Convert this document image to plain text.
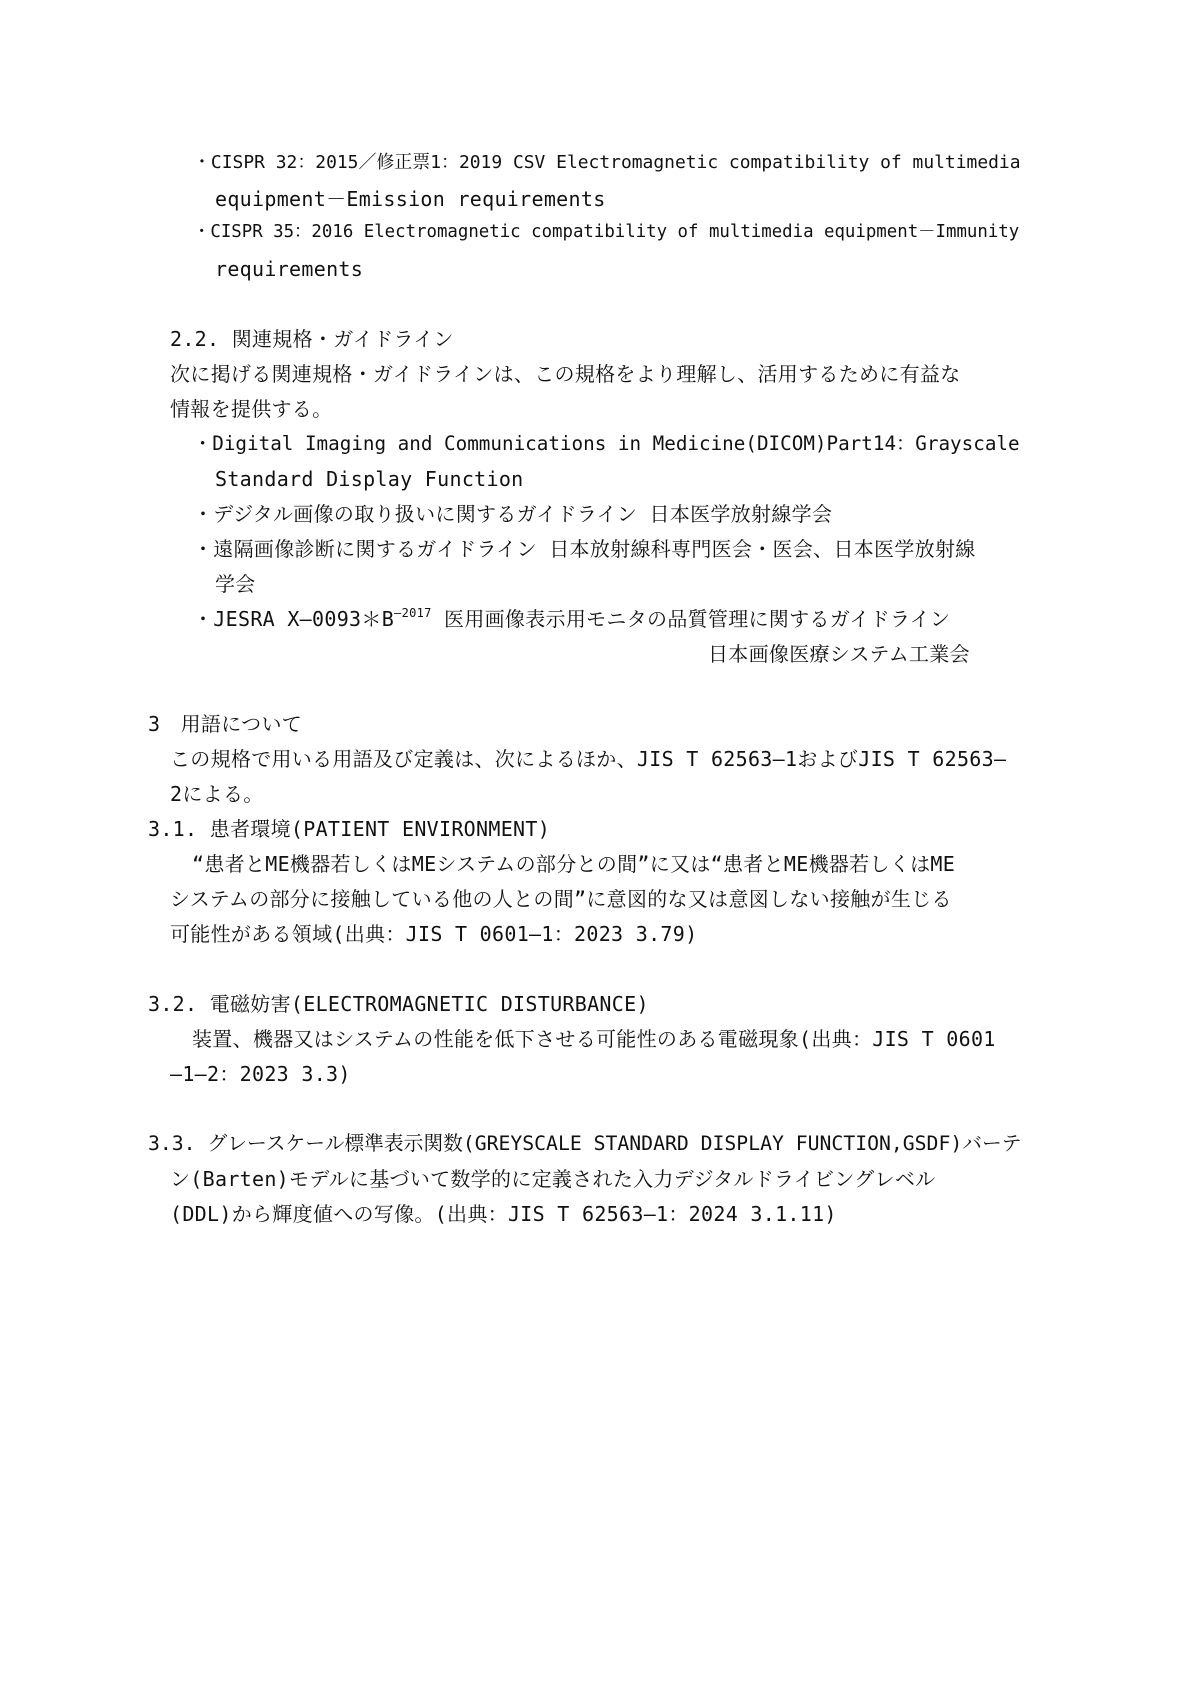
・CISPR 32：2015／修正票1：2019 CSV Electromagnetic compatibility of multimedia
equipment－Emission requirements
・CISPR 35：2016 Electromagnetic compatibility of multimedia equipment－Immunity
requirements
2.2. 関連規格・ガイドライン
次に掲げる関連規格・ガイドラインは、この規格をより理解し、活用するために有益な
情報を提供する。
・Digital Imaging and Communications in Medicine(DICOM)Part14：Grayscale
Standard Display Function
・デジタル画像の取り扱いに関するガイドライン 日本医学放射線学会
・遠隔画像診断に関するガイドライン 日本放射線科専門医会・医会、日本医学放射線
学会
・JESRA $X―0093*B^{―2017}$ 医用画像表示用モニタの品質管理に関するガイドライン
日本画像医療システム工業会
3　用語について
この規格で用いる用語及び定義は、次によるほか、JIS T 62563―1およびJIS T 62563―
2による。
3.1. 患者環境(PATIENT ENVIRONMENT)
“患者とME機器若しくはMEシステムの部分との間”に又は“患者とME機器若しくはME
システムの部分に接触している他の人との間”に意図的な又は意図しない接触が生じる
可能性がある領域(出典：JIS T 0601―1：2023 3.79)
3.2. 電磁妨害(ELECTROMAGNETIC DISTURBANCE)
装置、機器又はシステムの性能を低下させる可能性のある電磁現象(出典：JIS T 0601
―1―2：2023 3.3)
3.3. グレースケール標準表示関数(GREYSCALE STANDARD DISPLAY FUNCTION,GSDF)バーテ
ン(Barten)モデルに基づいて数学的に定義された入力デジタルドライビングレベル
(DDL)から輝度値への写像。(出典：JIS T 62563―1：2024 3.1.11)
